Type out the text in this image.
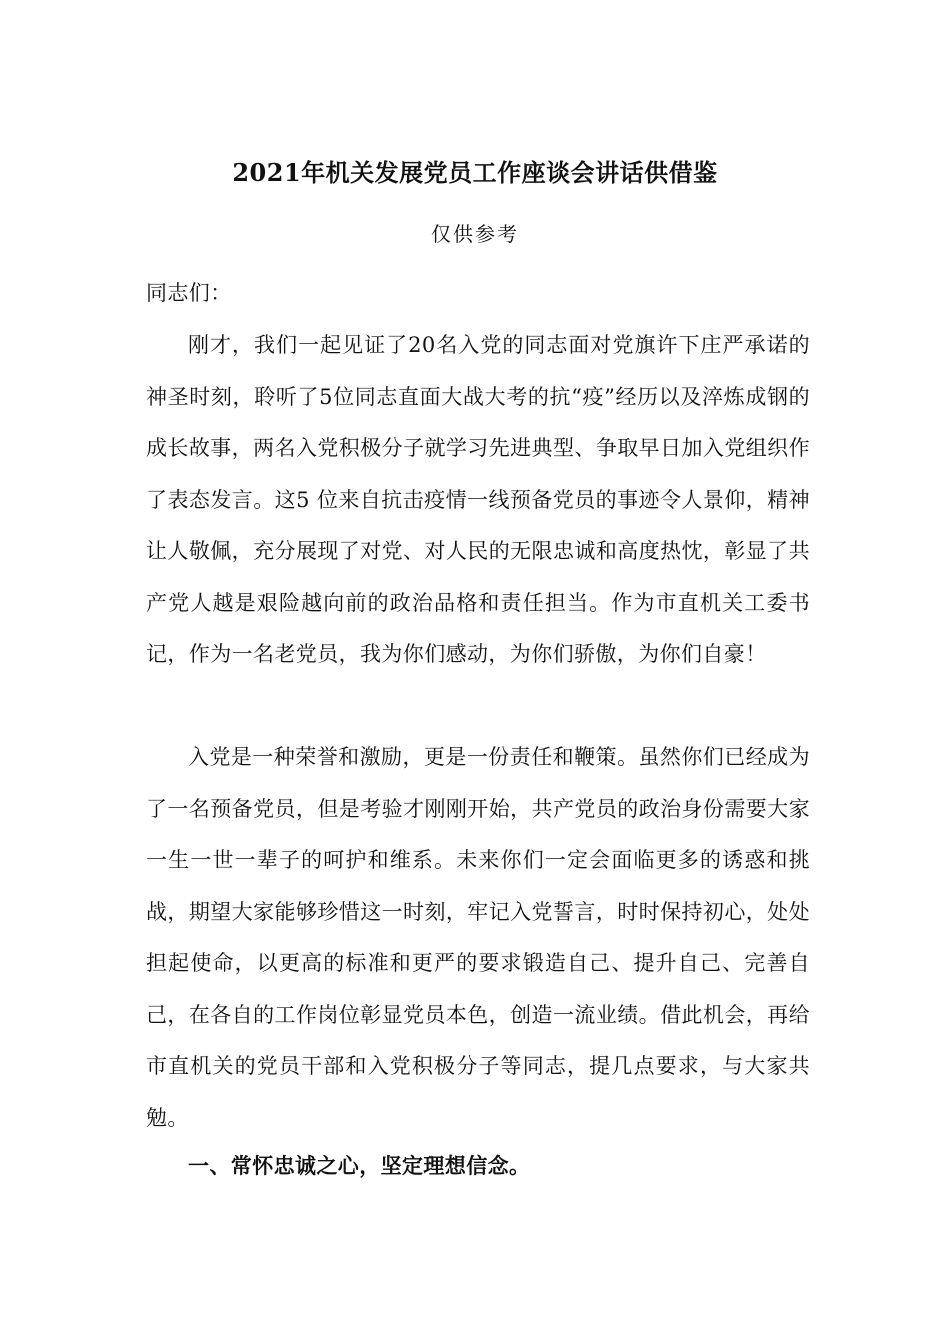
2021年机关发展党员工作座谈会讲话供借鉴
仅供参考
同志们：
刚才，我们一起见证了20名入党的同志面对党旗许下庄严承诺的神圣时刻，聆听了5位同志直面大战大考的抗“疫”经历以及淬炼成钢的成长故事，两名入党积极分子就学习先进典型、争取早日加入党组织作了表态发言。这5 位来自抗击疫情一线预备党员的事迹令人景仰，精神让人敬佩，充分展现了对党、对人民的无限忠诚和高度热忱，彰显了共产党人越是艰险越向前的政治品格和责任担当。作为市直机关工委书记，作为一名老党员，我为你们感动，为你们骄傲，为你们自豪！
入党是一种荣誉和激励，更是一份责任和鞭策。虽然你们已经成为了一名预备党员，但是考验才刚刚开始，共产党员的政治身份需要大家一生一世一辈子的呵护和维系。未来你们一定会面临更多的诱惑和挑战，期望大家能够珍惜这一时刻，牢记入党誓言，时时保持初心，处处担起使命，以更高的标准和更严的要求锻造自己、提升自己、完善自己，在各自的工作岗位彰显党员本色，创造一流业绩。借此机会，再给市直机关的党员干部和入党积极分子等同志，提几点要求，与大家共勉。
一、常怀忠诚之心，坚定理想信念。
